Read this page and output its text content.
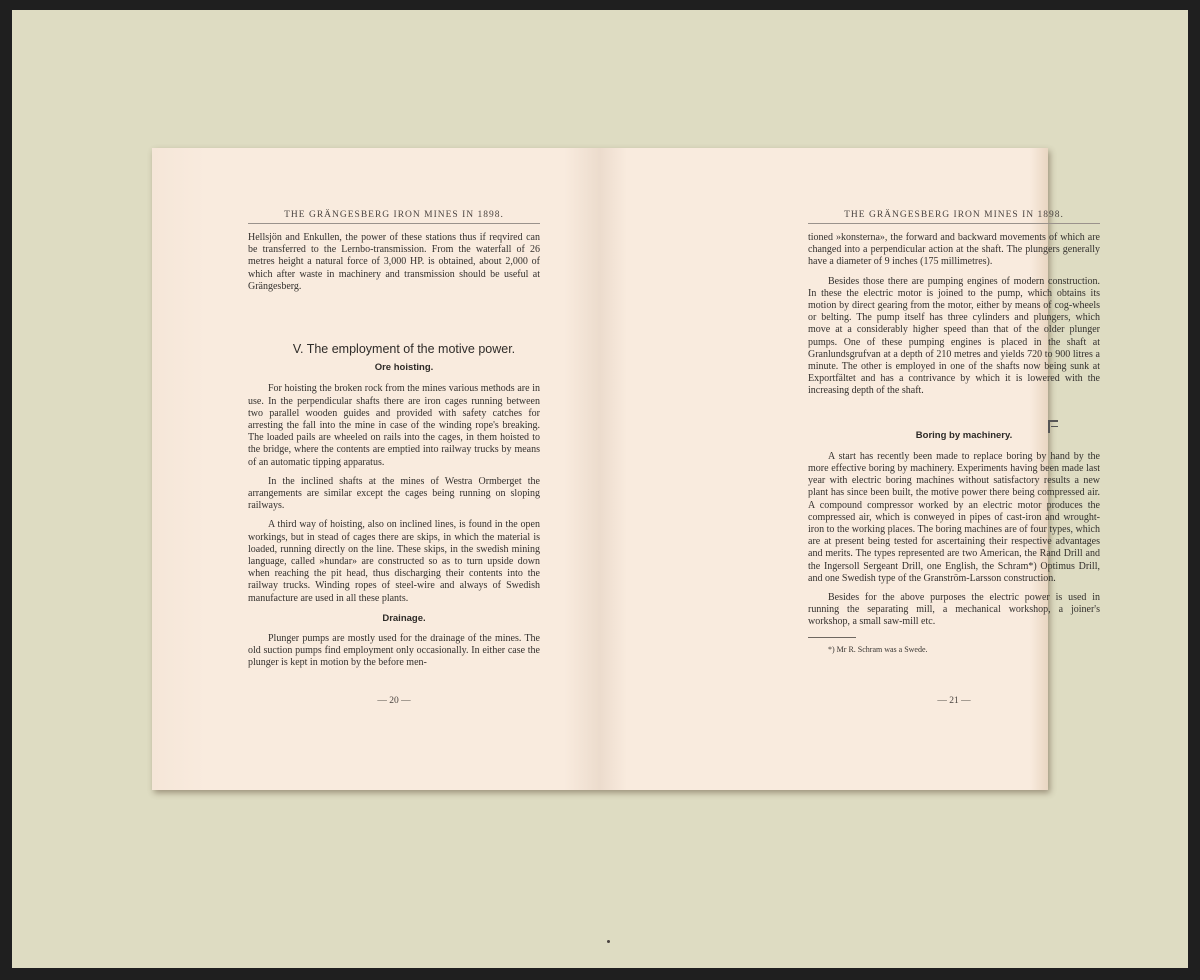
THE GRÄNGESBERG IRON MINES IN 1898.

Hellsjön and Enkullen, the power of these stations thus if reqvired can be transferred to the Lernbo-transmission. From the waterfall of 26 metres height a natural force of 3,000 HP. is obtained, about 2,000 of which after waste in machinery and transmission should be useful at Grängesberg.

V. The employment of the motive power.

Ore hoisting.

For hoisting the broken rock from the mines various methods are in use. In the perpendicular shafts there are iron cages running between two parallel wooden guides and provided with safety catches for arresting the fall into the mine in case of the winding rope's breaking. The loaded pails are wheeled on rails into the cages, in them hoisted to the bridge, where the contents are emptied into railway trucks by means of an automatic tipping apparatus.

In the inclined shafts at the mines of Westra Ormberget the arrangements are similar except the cages being running on sloping railways.

A third way of hoisting, also on inclined lines, is found in the open workings, but in stead of cages there are skips, in which the material is loaded, running directly on the line. These skips, in the swedish mining language, called »hundar» are constructed so as to turn upside down when reaching the pit head, thus discharging their contents into the railway trucks. Winding ropes of steel-wire and always of Swedish manufacture are used in all these plants.

Drainage.

Plunger pumps are mostly used for the drainage of the mines. The old suction pumps find employment only occasionally. In either case the plunger is kept in motion by the before men-

— 20 —
THE GRÄNGESBERG IRON MINES IN 1898.

tioned »konsterna», the forward and backward movements of which are changed into a perpendicular action at the shaft. The plungers generally have a diameter of 9 inches (175 millimetres).

Besides those there are pumping engines of modern construction. In these the electric motor is joined to the pump, which obtains its motion by direct gearing from the motor, either by means of cog-wheels or belting. The pump itself has three cylinders and plungers, which move at a considerably higher speed than that of the older plunger pumps. One of these pumping engines is placed in the shaft at Granlundsgrufvan at a depth of 210 metres and yields 720 to 900 litres a minute. The other is employed in one of the shafts now being sunk at Exportfältet and has a contrivance by which it is lowered with the increasing depth of the shaft.

Boring by machinery.

A start has recently been made to replace boring by hand by the more effective boring by machinery. Experiments having been made last year with electric boring machines without satisfactory results a new plant has since been built, the motive power there being compressed air. A compound compressor worked by an electric motor produces the compressed air, which is conweyed in pipes of cast-iron and wrought-iron to the working places. The boring machines are of four types, which are at present being tested for ascertaining their respective advantages and merits. The types represented are two American, the Rand Drill and the Ingersoll Sergeant Drill, one English, the Schram*) Optimus Drill, and one Swedish type of the Granström-Larsson construction.

Besides for the above purposes the electric power is used in running the separating mill, a mechanical workshop, a joiner's workshop, a small saw-mill etc.

*) Mr R. Schram was a Swede.

— 21 —
